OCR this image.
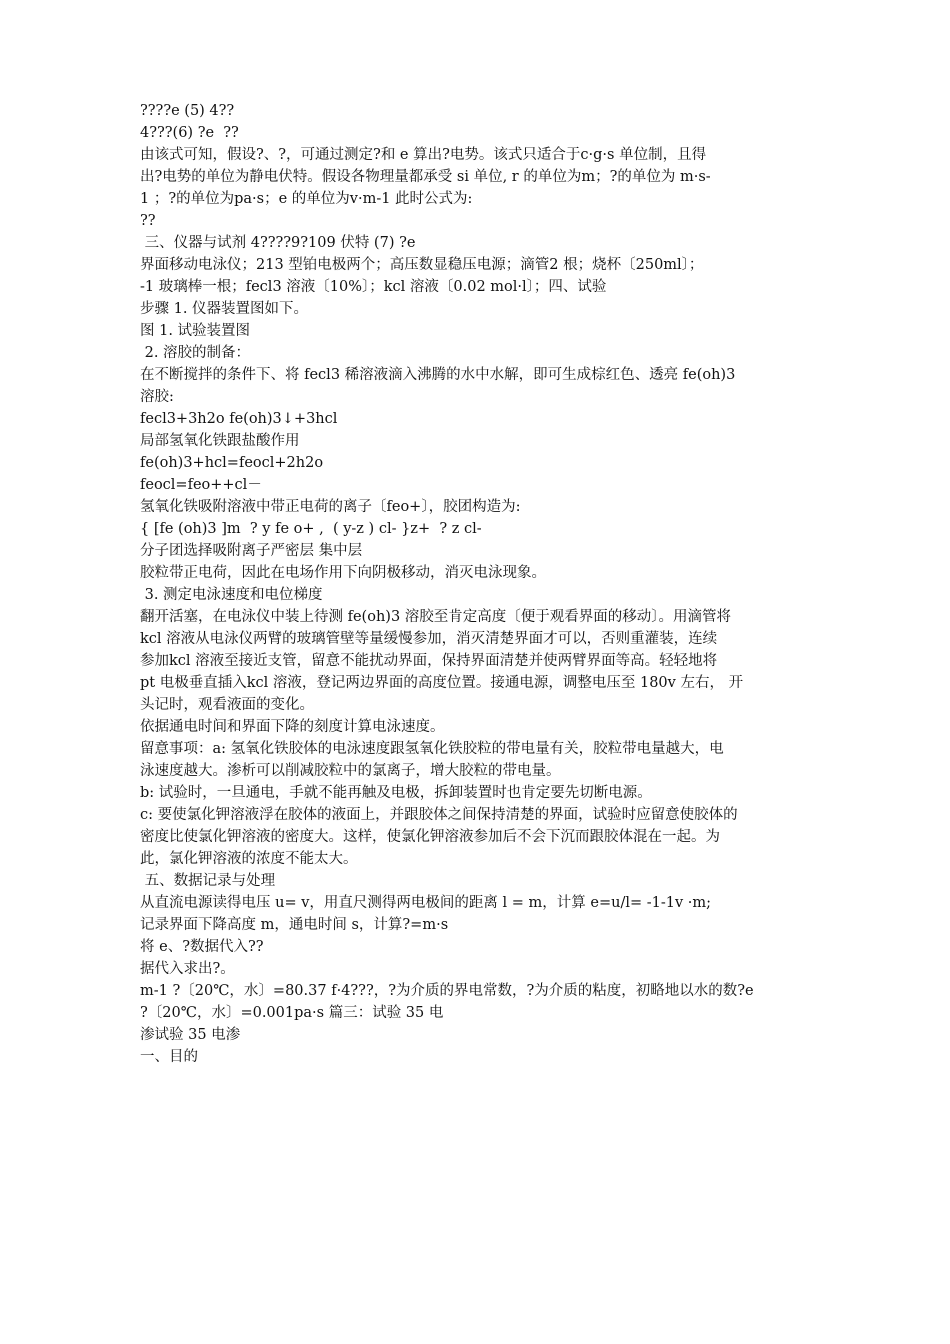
????e (5) 4??
4???(6) ?e  ??
由该式可知，假设?、?，可通过测定?和 e 算出?电势。该式只适合于c·g·s 单位制，且得
出?电势的单位为静电伏特。假设各物理量都承受 si 单位, r 的单位为m；?的单位为 m·s-
1 ；?的单位为pa·s；e 的单位为v·m-1 此时公式为:
??
三、仪器与试剂 4????9?109 伏特 (7) ?e
界面移动电泳仪；213 型铂电极两个；高压数显稳压电源；滴管2 根；烧杯〔250ml〕；
-1 玻璃棒一根；fecl3 溶液〔10%〕；kcl 溶液〔0.02 mol·l〕；四、试验
步骤 1. 仪器装置图如下。
图 1. 试验装置图
2. 溶胶的制备：
在不断搅拌的条件下、将 fecl3 稀溶液滴入沸腾的水中水解，即可生成棕红色、透亮 fe(oh)3
溶胶:
fecl3+3h2o fe(oh)3↓+3hcl
局部氢氧化铁跟盐酸作用
fe(oh)3+hcl=feocl+2h2o
feocl=feo++cl－
氢氧化铁吸附溶液中带正电荷的离子〔feo+〕，胶团构造为:
{ [fe (oh)3 ]m  ? y fe o+ ,  ( y-z ) cl- }z+  ? z cl-
分子团选择吸附离子严密层 集中层
胶粒带正电荷，因此在电场作用下向阴极移动，消灭电泳现象。
3. 测定电泳速度和电位梯度
翻开活塞，在电泳仪中装上待测 fe(oh)3 溶胶至肯定高度〔便于观看界面的移动〕。用滴管将
kcl 溶液从电泳仪两臂的玻璃管壁等量缓慢参加，消灭清楚界面才可以，否则重灌装，连续
参加kcl 溶液至接近支管，留意不能扰动界面，保持界面清楚并使两臂界面等高。轻轻地将
pt 电极垂直插入kcl 溶液，登记两边界面的高度位置。接通电源，调整电压至 180v 左右， 开
头记时，观看液面的变化。
依据通电时间和界面下降的刻度计算电泳速度。
留意事项：a: 氢氧化铁胶体的电泳速度跟氢氧化铁胶粒的带电量有关，胶粒带电量越大，电
泳速度越大。渗析可以削减胶粒中的氯离子，增大胶粒的带电量。
b: 试验时，一旦通电，手就不能再触及电极，拆卸装置时也肯定要先切断电源。
c: 要使氯化钾溶液浮在胶体的液面上，并跟胶体之间保持清楚的界面，试验时应留意使胶体的
密度比使氯化钾溶液的密度大。这样，使氯化钾溶液参加后不会下沉而跟胶体混在一起。为
此，氯化钾溶液的浓度不能太大。
五、数据记录与处理
从直流电源读得电压 u= v，用直尺测得两电极间的距离 l = m，计算 e=u/l= -1-1v ·m;
记录界面下降高度 m，通电时间 s，计算?=m·s
将 e、?数据代入??
据代入求出?。
m-1 ?〔20℃，水〕=80.37 f·4???，?为介质的界电常数，?为介质的粘度，初略地以水的数?e
?〔20℃，水〕=0.001pa·s 篇三：试验 35 电
渗试验 35 电渗
一、目的
